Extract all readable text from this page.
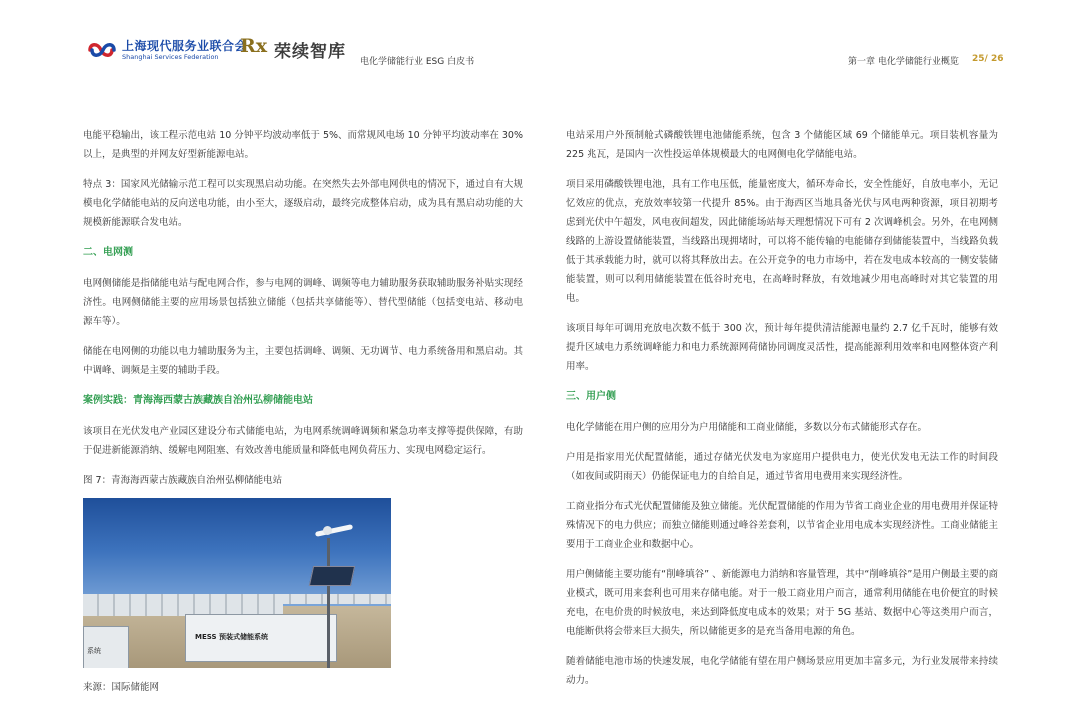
上海现代服务业联合会
Shanghai Services Federation Rx 荣续智库 电化学储能行业 ESG 白皮书	第一章 电化学储能行业概览 25/ 26

电能平稳输出，该工程示范电站 10 分钟平均波动率低于 5%、而常规风电场 10 分钟平均波动率在 30% 以上，是典型的并网友好型新能源电站。

特点 3：国家风光储输示范工程可以实现黑启动功能。在突然失去外部电网供电的情况下，通过自有大规模电化学储能电站的反向送电功能，由小至大，逐级启动，最终完成整体启动，成为具有黑启动功能的大规模新能源联合发电站。

二、电网测

电网侧储能是指储能电站与配电网合作，参与电网的调峰、调频等电力辅助服务获取辅助服务补贴实现经济性。电网侧储能主要的应用场景包括独立储能（包括共享储能等）、替代型储能（包括变电站、移动电源车等）。

储能在电网侧的功能以电力辅助服务为主，主要包括调峰、调频、无功调节、电力系统备用和黑启动。其中调峰、调频是主要的辅助手段。

案例实践：青海海西蒙古族藏族自治州弘柳储能电站

该项目在光伏发电产业园区建设分布式储能电站，为电网系统调峰调频和紧急功率支撑等提供保障，有助于促进新能源消纳、缓解电网阻塞、有效改善电能质量和降低电网负荷压力、实现电网稳定运行。

图 7：青海海西蒙古族藏族自治州弘柳储能电站

系统
MESS 预装式储能系统

来源：国际储能网

电站采用户外预制舱式磷酸铁锂电池储能系统，包含 3 个储能区域 69 个储能单元。项目装机容量为 225 兆瓦，是国内一次性投运单体规模最大的电网侧电化学储能电站。

项目采用磷酸铁锂电池，具有工作电压低，能量密度大，循环寿命长，安全性能好，自放电率小，无记忆效应的优点，充放效率较第一代提升 85%。由于海西区当地具备光伏与风电两种资源，项目初期考虑到光伏中午超发，风电夜间超发，因此储能场站每天理想情况下可有 2 次调峰机会。另外，在电网侧线路的上游设置储能装置，当线路出现拥堵时，可以将不能传输的电能储存到储能装置中，当线路负载低于其承载能力时，就可以将其释放出去。在公开竞争的电力市场中，若在发电成本较高的一侧安装储能装置，则可以利用储能装置在低谷时充电，在高峰时释放，有效地减少用电高峰时对其它装置的用电。

该项目每年可调用充放电次数不低于 300 次，预计每年提供清洁能源电量约 2.7 亿千瓦时，能够有效提升区域电力系统调峰能力和电力系统源网荷储协同调度灵活性，提高能源利用效率和电网整体资产利用率。

三、用户侧

电化学储能在用户侧的应用分为户用储能和工商业储能，多数以分布式储能形式存在。

户用是指家用光伏配置储能，通过存储光伏发电为家庭用户提供电力，使光伏发电无法工作的时间段（如夜间或阴雨天）仍能保证电力的自给自足，通过节省用电费用来实现经济性。

工商业指分布式光伏配置储能及独立储能。光伏配置储能的作用为节省工商业企业的用电费用并保证特殊情况下的电力供应；而独立储能则通过峰谷差套利，以节省企业用电成本实现经济性。工商业储能主要用于工商业企业和数据中心。

用户侧储能主要功能有“削峰填谷” 、新能源电力消纳和容量管理，其中“削峰填谷”是用户侧最主要的商业模式，既可用来套利也可用来存储电能。对于一般工商业用户而言，通常利用储能在电价便宜的时候充电，在电价贵的时候放电，来达到降低度电成本的效果；对于 5G 基站、数据中心等这类用户而言，电能断供将会带来巨大损失，所以储能更多的是充当备用电源的角色。

随着储能电池市场的快速发展，电化学储能有望在用户侧场景应用更加丰富多元，为行业发展带来持续动力。
